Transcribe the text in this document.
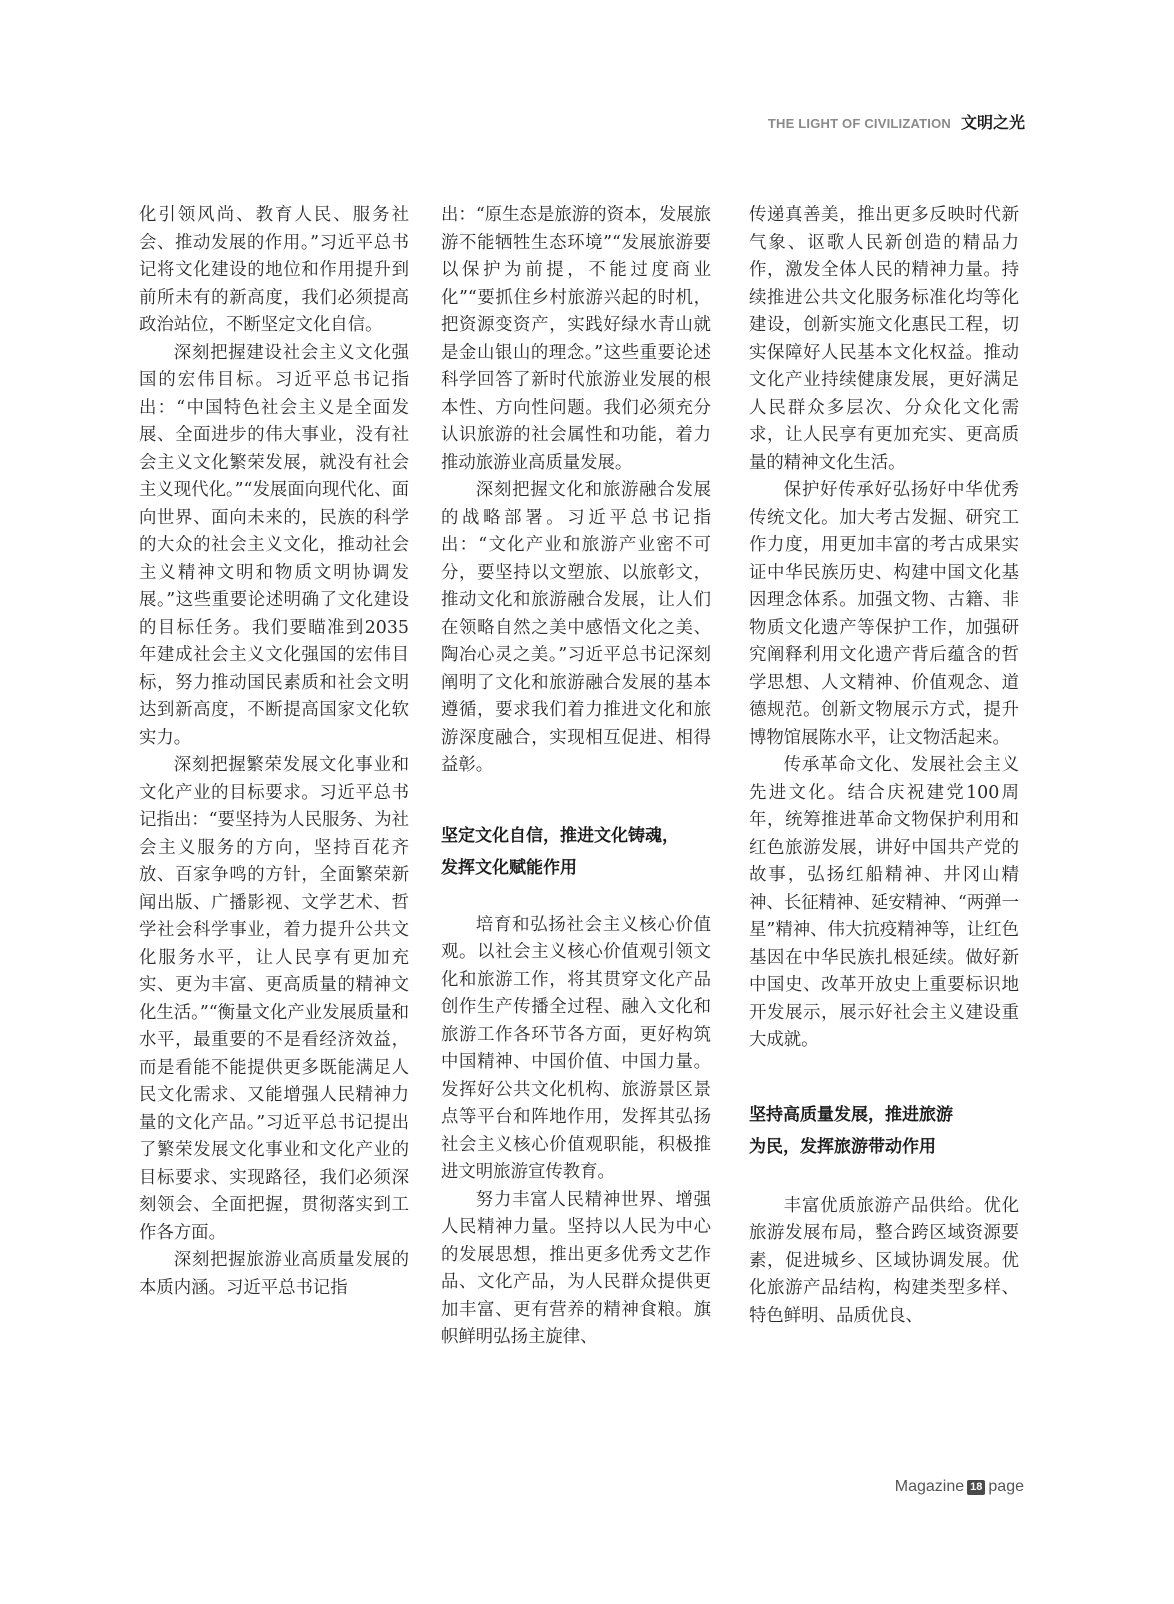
THE LIGHT OF CIVILIZATION 文明之光

化引领风尚、教育人民、服务社会、推动发展的作用。”习近平总书记将文化建设的地位和作用提升到前所未有的新高度，我们必须提高政治站位，不断坚定文化自信。

深刻把握建设社会主义文化强国的宏伟目标。习近平总书记指出：“中国特色社会主义是全面发展、全面进步的伟大事业，没有社会主义文化繁荣发展，就没有社会主义现代化。”“发展面向现代化、面向世界、面向未来的，民族的科学的大众的社会主义文化，推动社会主义精神文明和物质文明协调发展。”这些重要论述明确了文化建设的目标任务。我们要瞄准到2035年建成社会主义文化强国的宏伟目标，努力推动国民素质和社会文明达到新高度，不断提高国家文化软实力。

深刻把握繁荣发展文化事业和文化产业的目标要求。习近平总书记指出：“要坚持为人民服务、为社会主义服务的方向，坚持百花齐放、百家争鸣的方针，全面繁荣新闻出版、广播影视、文学艺术、哲学社会科学事业，着力提升公共文化服务水平，让人民享有更加充实、更为丰富、更高质量的精神文化生活。”“衡量文化产业发展质量和水平，最重要的不是看经济效益，而是看能不能提供更多既能满足人民文化需求、又能增强人民精神力量的文化产品。”习近平总书记提出了繁荣发展文化事业和文化产业的目标要求、实现路径，我们必须深刻领会、全面把握，贯彻落实到工作各方面。

深刻把握旅游业高质量发展的本质内涵。习近平总书记指

出：“原生态是旅游的资本，发展旅游不能牺牲生态环境”“发展旅游要以保护为前提，不能过度商业化”“要抓住乡村旅游兴起的时机，把资源变资产，实践好绿水青山就是金山银山的理念。”这些重要论述科学回答了新时代旅游业发展的根本性、方向性问题。我们必须充分认识旅游的社会属性和功能，着力推动旅游业高质量发展。

深刻把握文化和旅游融合发展的战略部署。习近平总书记指出：“文化产业和旅游产业密不可分，要坚持以文塑旅、以旅彰文，推动文化和旅游融合发展，让人们在领略自然之美中感悟文化之美、陶冶心灵之美。”习近平总书记深刻阐明了文化和旅游融合发展的基本遵循，要求我们着力推进文化和旅游深度融合，实现相互促进、相得益彰。

坚定文化自信，推进文化铸魂，
发挥文化赋能作用

培育和弘扬社会主义核心价值观。以社会主义核心价值观引领文化和旅游工作，将其贯穿文化产品创作生产传播全过程、融入文化和旅游工作各环节各方面，更好构筑中国精神、中国价值、中国力量。发挥好公共文化机构、旅游景区景点等平台和阵地作用，发挥其弘扬社会主义核心价值观职能，积极推进文明旅游宣传教育。

努力丰富人民精神世界、增强人民精神力量。坚持以人民为中心的发展思想，推出更多优秀文艺作品、文化产品，为人民群众提供更加丰富、更有营养的精神食粮。旗帜鲜明弘扬主旋律、

传递真善美，推出更多反映时代新气象、讴歌人民新创造的精品力作，激发全体人民的精神力量。持续推进公共文化服务标准化均等化建设，创新实施文化惠民工程，切实保障好人民基本文化权益。推动文化产业持续健康发展，更好满足人民群众多层次、分众化文化需求，让人民享有更加充实、更高质量的精神文化生活。

保护好传承好弘扬好中华优秀传统文化。加大考古发掘、研究工作力度，用更加丰富的考古成果实证中华民族历史、构建中国文化基因理念体系。加强文物、古籍、非物质文化遗产等保护工作，加强研究阐释利用文化遗产背后蕴含的哲学思想、人文精神、价值观念、道德规范。创新文物展示方式，提升博物馆展陈水平，让文物活起来。

传承革命文化、发展社会主义先进文化。结合庆祝建党100周年，统筹推进革命文物保护利用和红色旅游发展，讲好中国共产党的故事，弘扬红船精神、井冈山精神、长征精神、延安精神、“两弹一星”精神、伟大抗疫精神等，让红色基因在中华民族扎根延续。做好新中国史、改革开放史上重要标识地开发展示，展示好社会主义建设重大成就。

坚持高质量发展，推进旅游
为民，发挥旅游带动作用

丰富优质旅游产品供给。优化旅游发展布局，整合跨区域资源要素，促进城乡、区域协调发展。优化旅游产品结构，构建类型多样、特色鲜明、品质优良、

Magazine 18 page
